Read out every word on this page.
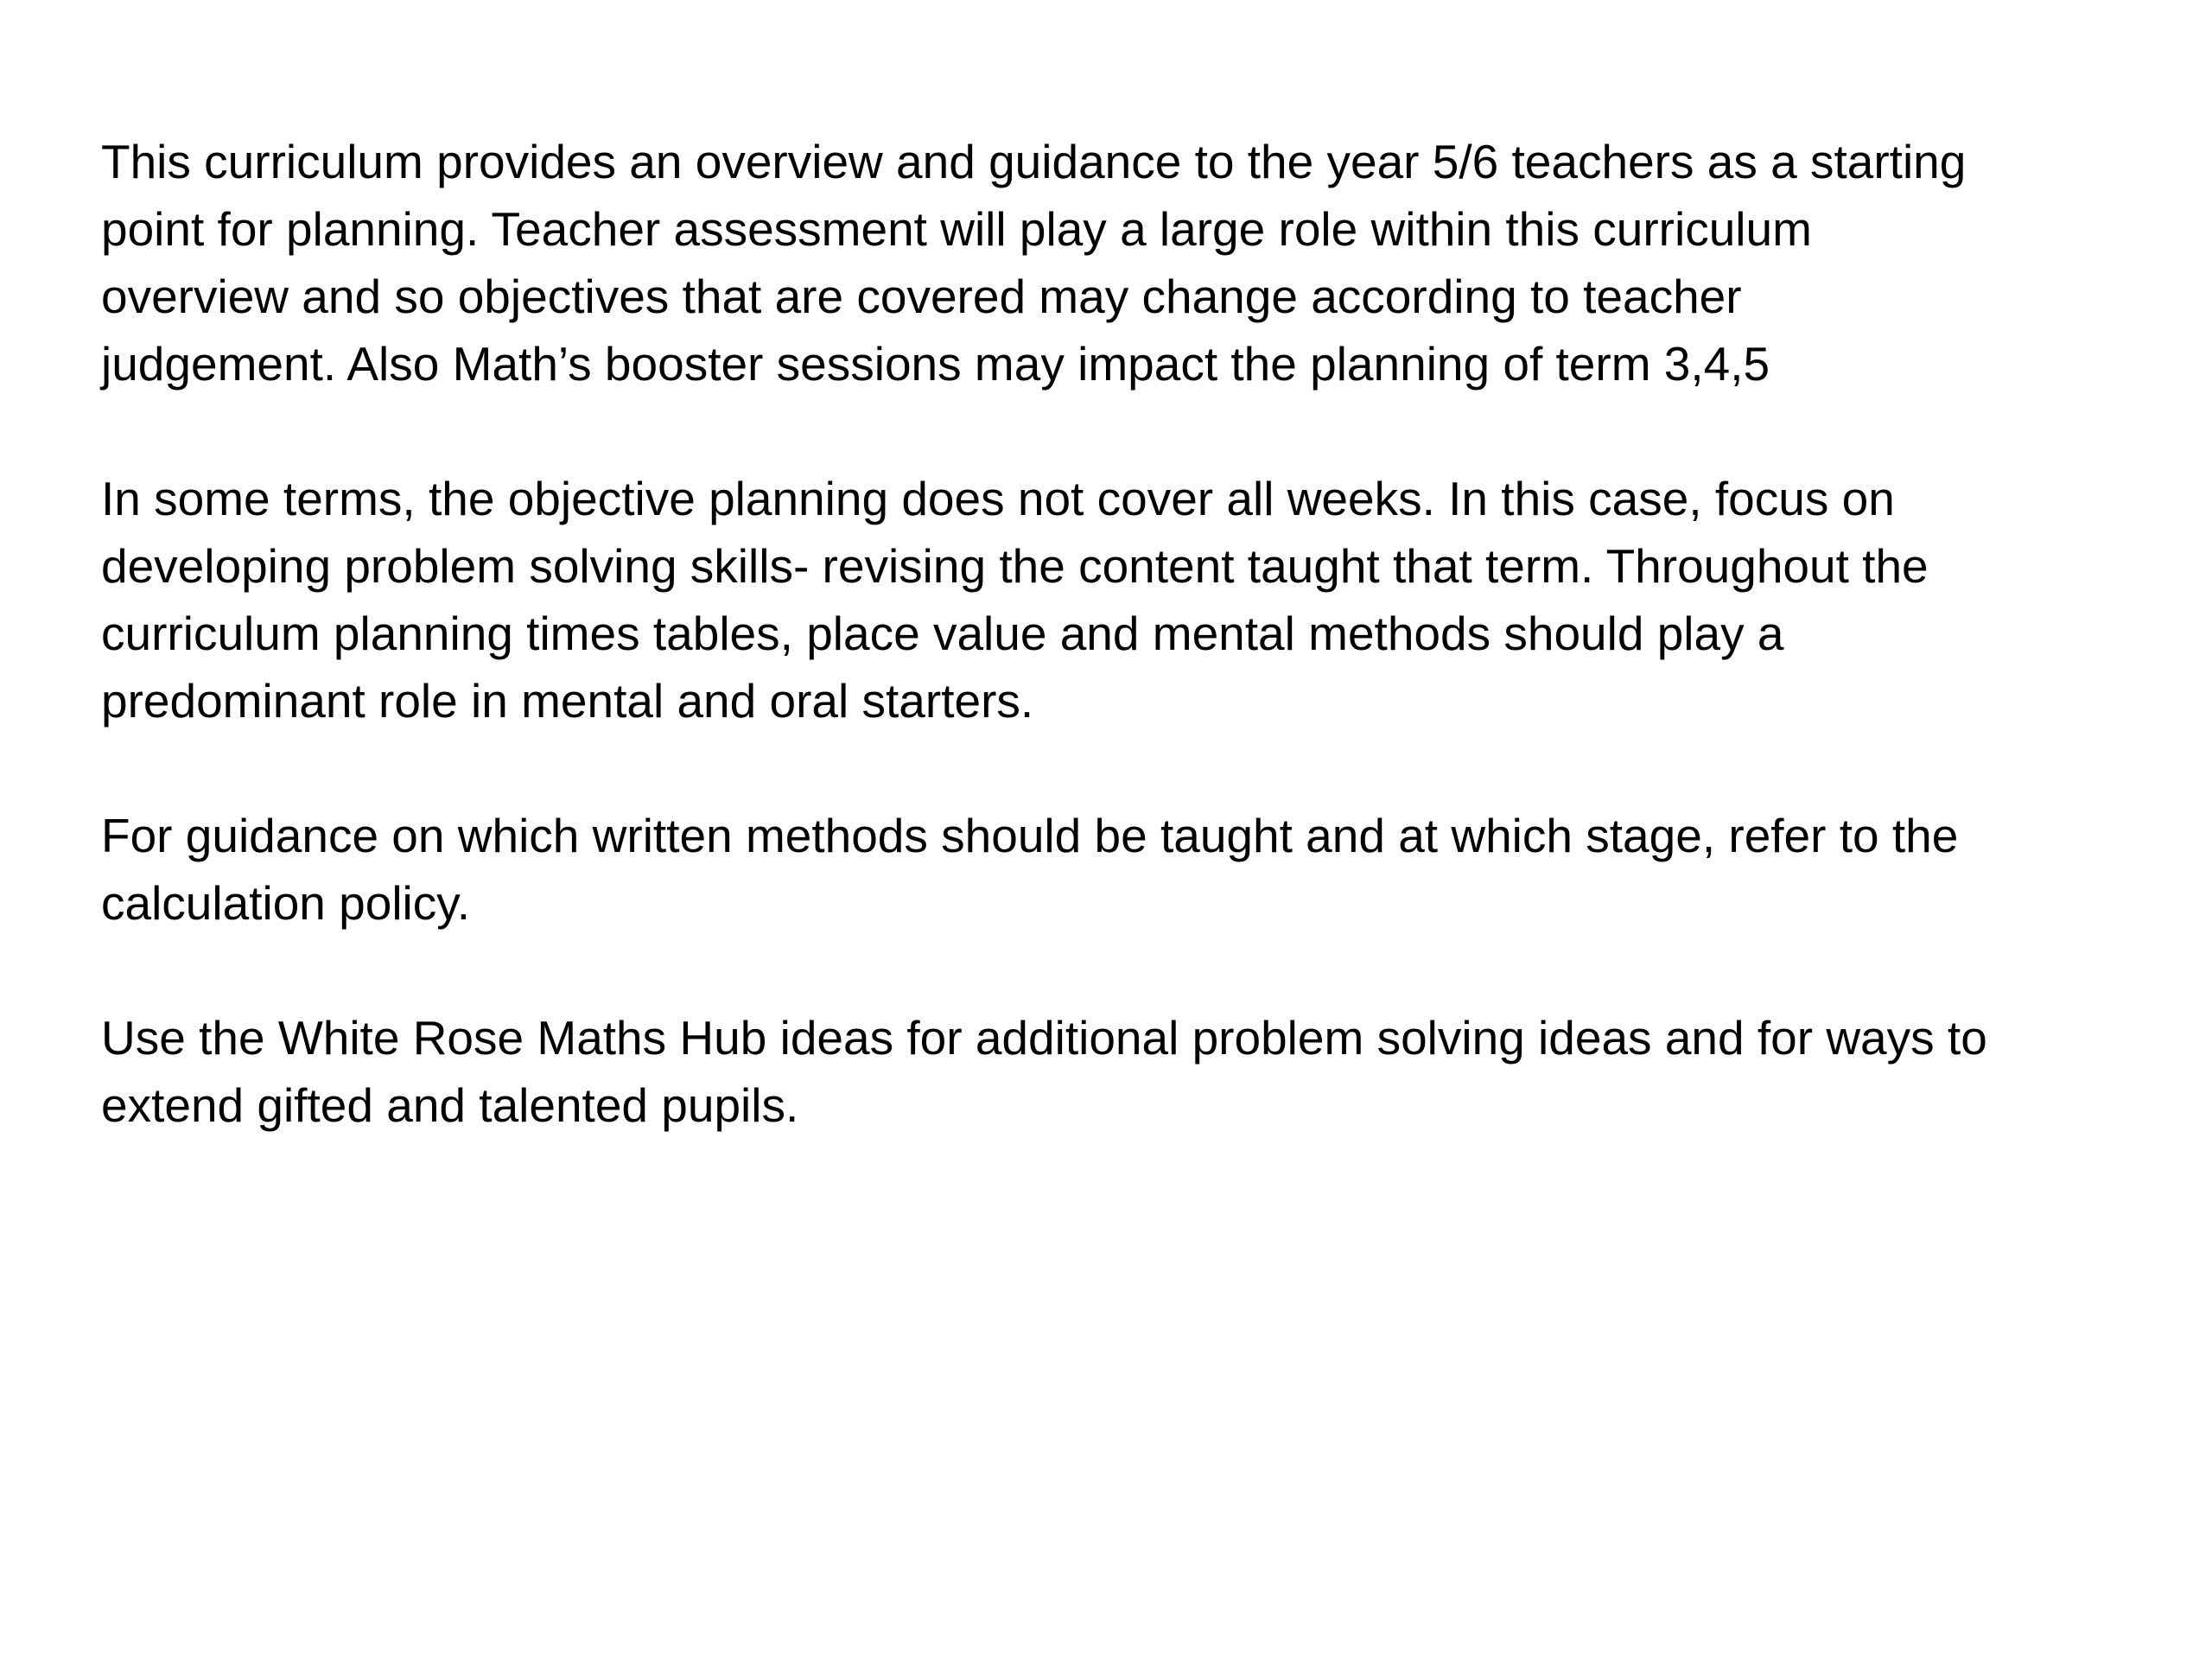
This curriculum provides an overview and guidance to the year 5/6 teachers as a starting
point for planning. Teacher assessment will play a large role within this curriculum
overview and so objectives that are covered may change according to teacher
judgement. Also Math’s booster sessions may impact the planning of term 3,4,5

In some terms, the objective planning does not cover all weeks. In this case, focus on
developing problem solving skills- revising the content taught that term. Throughout the
curriculum planning times tables, place value and mental methods should play a
predominant role in mental and oral starters.

For guidance on which written methods should be taught and at which stage, refer to the
calculation policy.

Use the White Rose Maths Hub ideas for additional problem solving ideas and for ways to
extend gifted and talented pupils.
